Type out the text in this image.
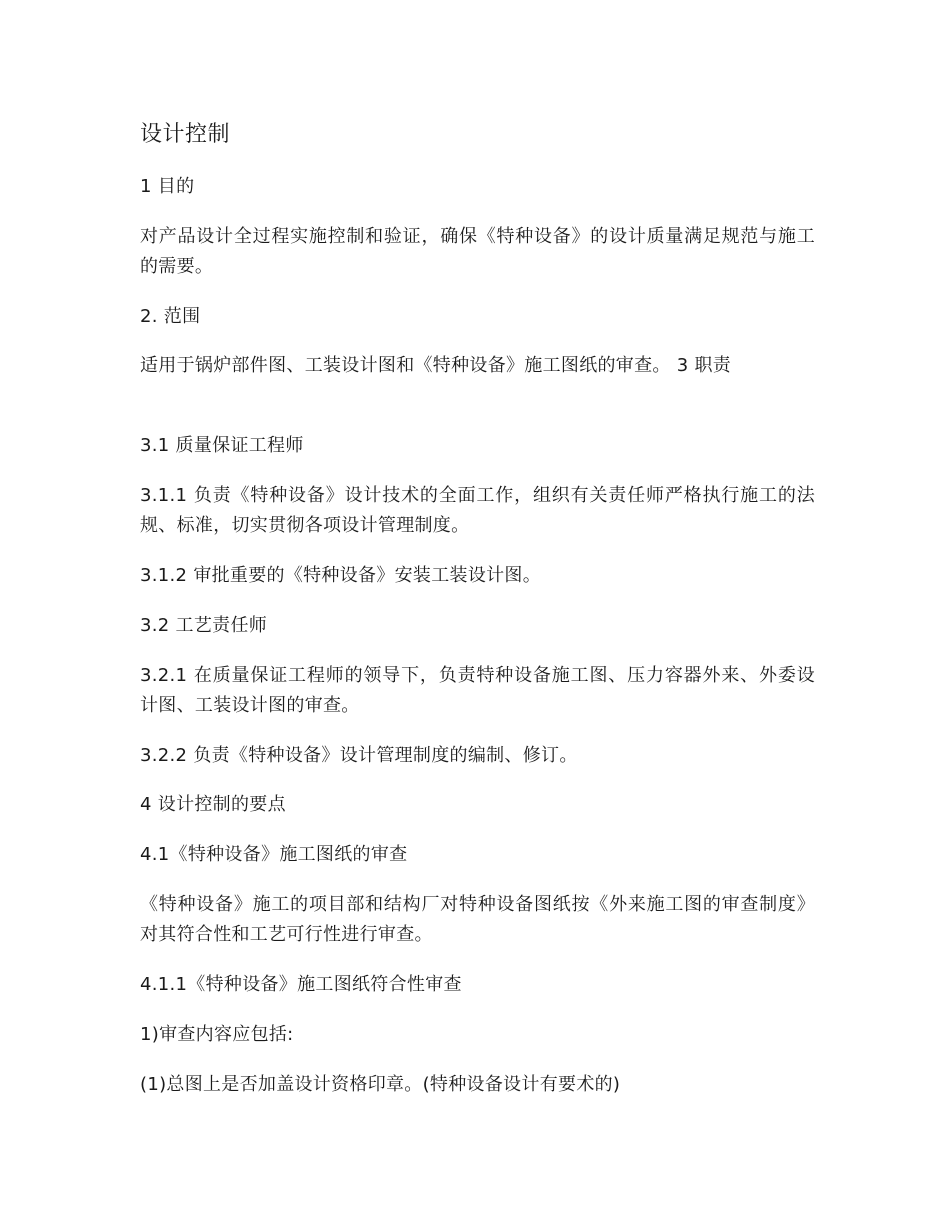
设计控制
1 目的
对产品设计全过程实施控制和验证，确保《特种设备》的设计质量满足规范与施工的需要。
2. 范围
适用于锅炉部件图、工装设计图和《特种设备》施工图纸的审查。 3 职责
3.1 质量保证工程师
3.1.1 负责《特种设备》设计技术的全面工作，组织有关责任师严格执行施工的法规、标准，切实贯彻各项设计管理制度。
3.1.2 审批重要的《特种设备》安装工装设计图。
3.2 工艺责任师
3.2.1 在质量保证工程师的领导下，负责特种设备施工图、压力容器外来、外委设计图、工装设计图的审查。
3.2.2 负责《特种设备》设计管理制度的编制、修订。
4 设计控制的要点
4.1《特种设备》施工图纸的审查
《特种设备》施工的项目部和结构厂对特种设备图纸按《外来施工图的审查制度》对其符合性和工艺可行性进行审查。
4.1.1《特种设备》施工图纸符合性审查
1)审查内容应包括:
(1)总图上是否加盖设计资格印章。(特种设备设计有要术的)
